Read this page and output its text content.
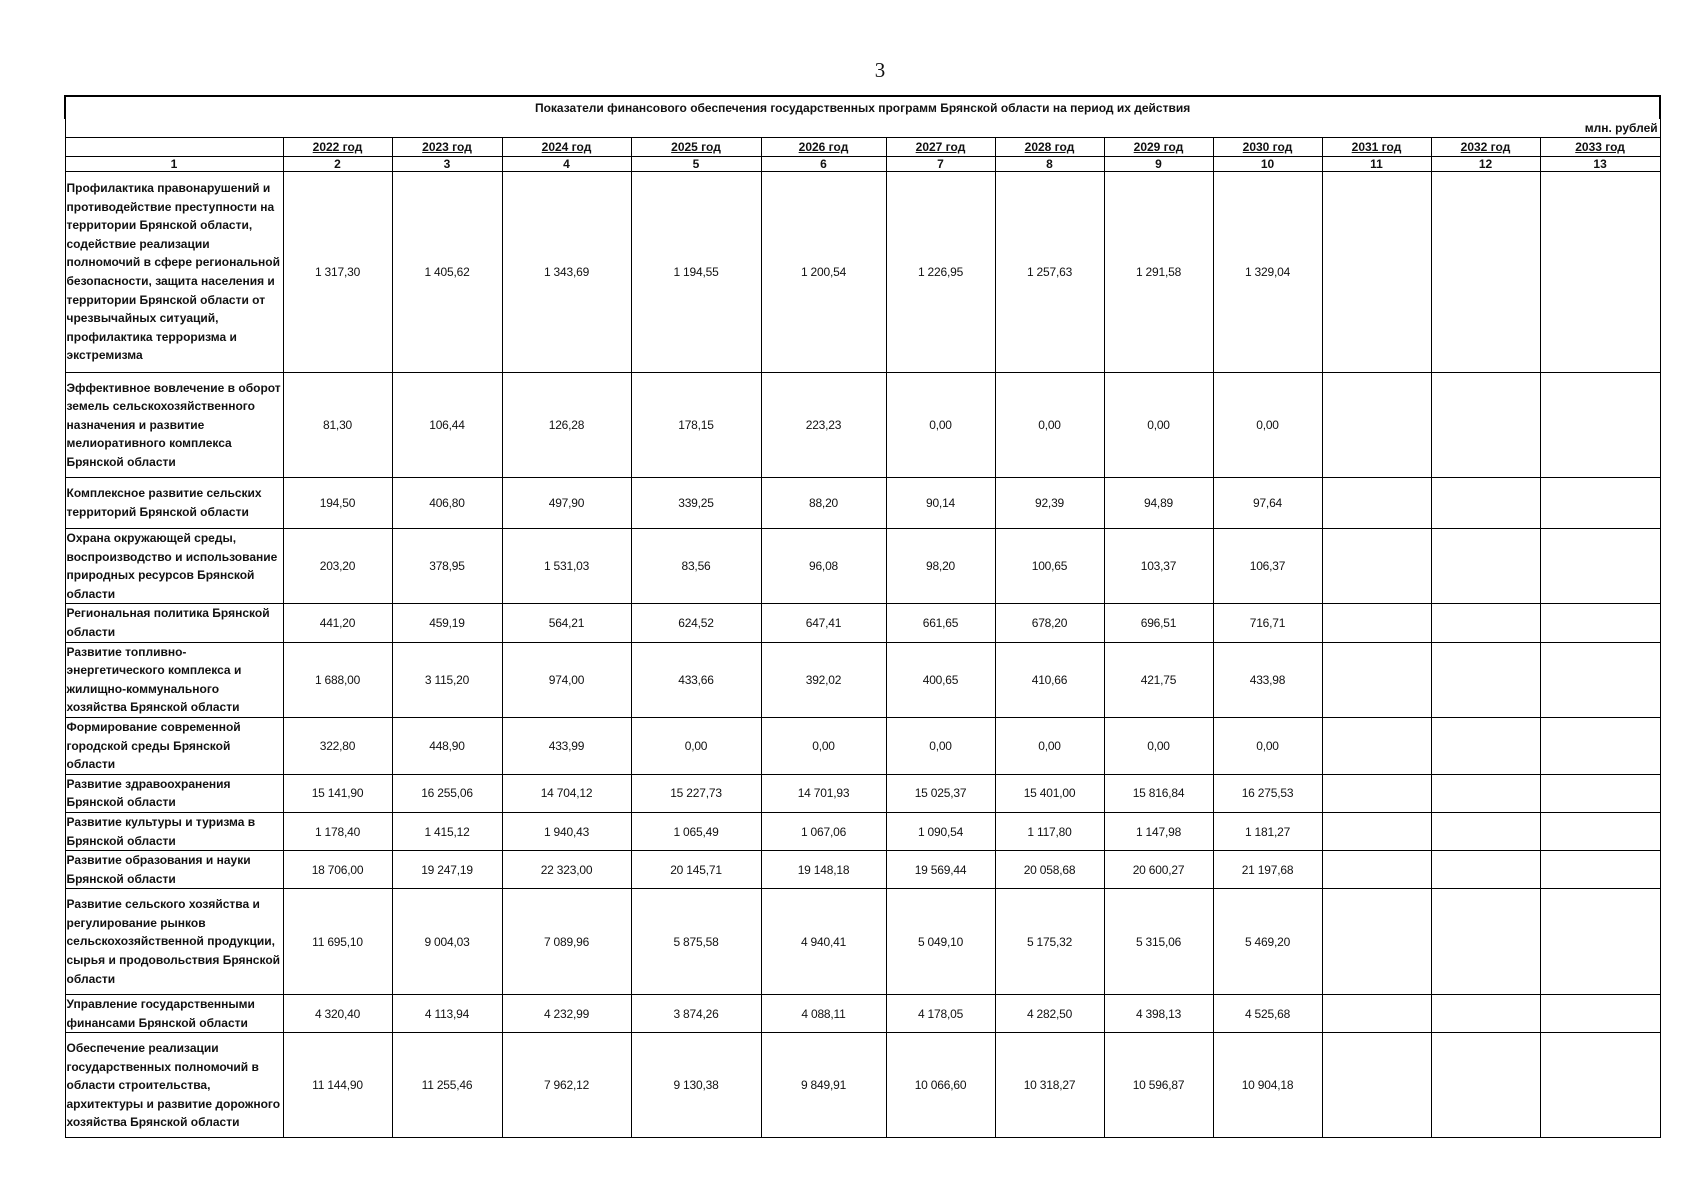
3
Показатели финансового обеспечения государственных программ Брянской области на период их действия												
млн. рублей												
	2022 год	2023 год	2024 год	2025 год	2026 год	2027 год	2028 год	2029 год	2030 год	2031 год	2032 год	2033 год
1	2	3	4	5	6	7	8	9	10	11	12	13
Профилактика правонарушений и противодействие преступности на территории Брянской области, содействие реализации полномочий в сфере региональной безопасности, защита населения и территории Брянской области от чрезвычайных ситуаций, профилактика терроризма и экстремизма	1 317,30	1 405,62	1 343,69	1 194,55	1 200,54	1 226,95	1 257,63	1 291,58	1 329,04			
Эффективное вовлечение в оборот земель сельскохозяйственного назначения и развитие мелиоративного комплекса Брянской области	81,30	106,44	126,28	178,15	223,23	0,00	0,00	0,00	0,00			
Комплексное развитие сельских территорий Брянской области	194,50	406,80	497,90	339,25	88,20	90,14	92,39	94,89	97,64			
Охрана окружающей среды, воспроизводство и использование природных ресурсов Брянской области	203,20	378,95	1 531,03	83,56	96,08	98,20	100,65	103,37	106,37			
Региональная политика Брянской области	441,20	459,19	564,21	624,52	647,41	661,65	678,20	696,51	716,71			
Развитие топливно-энергетического комплекса и жилищно-коммунального хозяйства Брянской области	1 688,00	3 115,20	974,00	433,66	392,02	400,65	410,66	421,75	433,98			
Формирование современной городской среды Брянской области	322,80	448,90	433,99	0,00	0,00	0,00	0,00	0,00	0,00			
Развитие здравоохранения Брянской области	15 141,90	16 255,06	14 704,12	15 227,73	14 701,93	15 025,37	15 401,00	15 816,84	16 275,53			
Развитие культуры и туризма в Брянской области	1 178,40	1 415,12	1 940,43	1 065,49	1 067,06	1 090,54	1 117,80	1 147,98	1 181,27			
Развитие образования и науки Брянской области	18 706,00	19 247,19	22 323,00	20 145,71	19 148,18	19 569,44	20 058,68	20 600,27	21 197,68			
Развитие сельского хозяйства и регулирование рынков сельскохозяйственной продукции, сырья и продовольствия Брянской области	11 695,10	9 004,03	7 089,96	5 875,58	4 940,41	5 049,10	5 175,32	5 315,06	5 469,20			
Управление государственными финансами Брянской области	4 320,40	4 113,94	4 232,99	3 874,26	4 088,11	4 178,05	4 282,50	4 398,13	4 525,68			
Обеспечение реализации государственных полномочий в области строительства, архитектуры и развитие дорожного хозяйства Брянской области	11 144,90	11 255,46	7 962,12	9 130,38	9 849,91	10 066,60	10 318,27	10 596,87	10 904,18			
